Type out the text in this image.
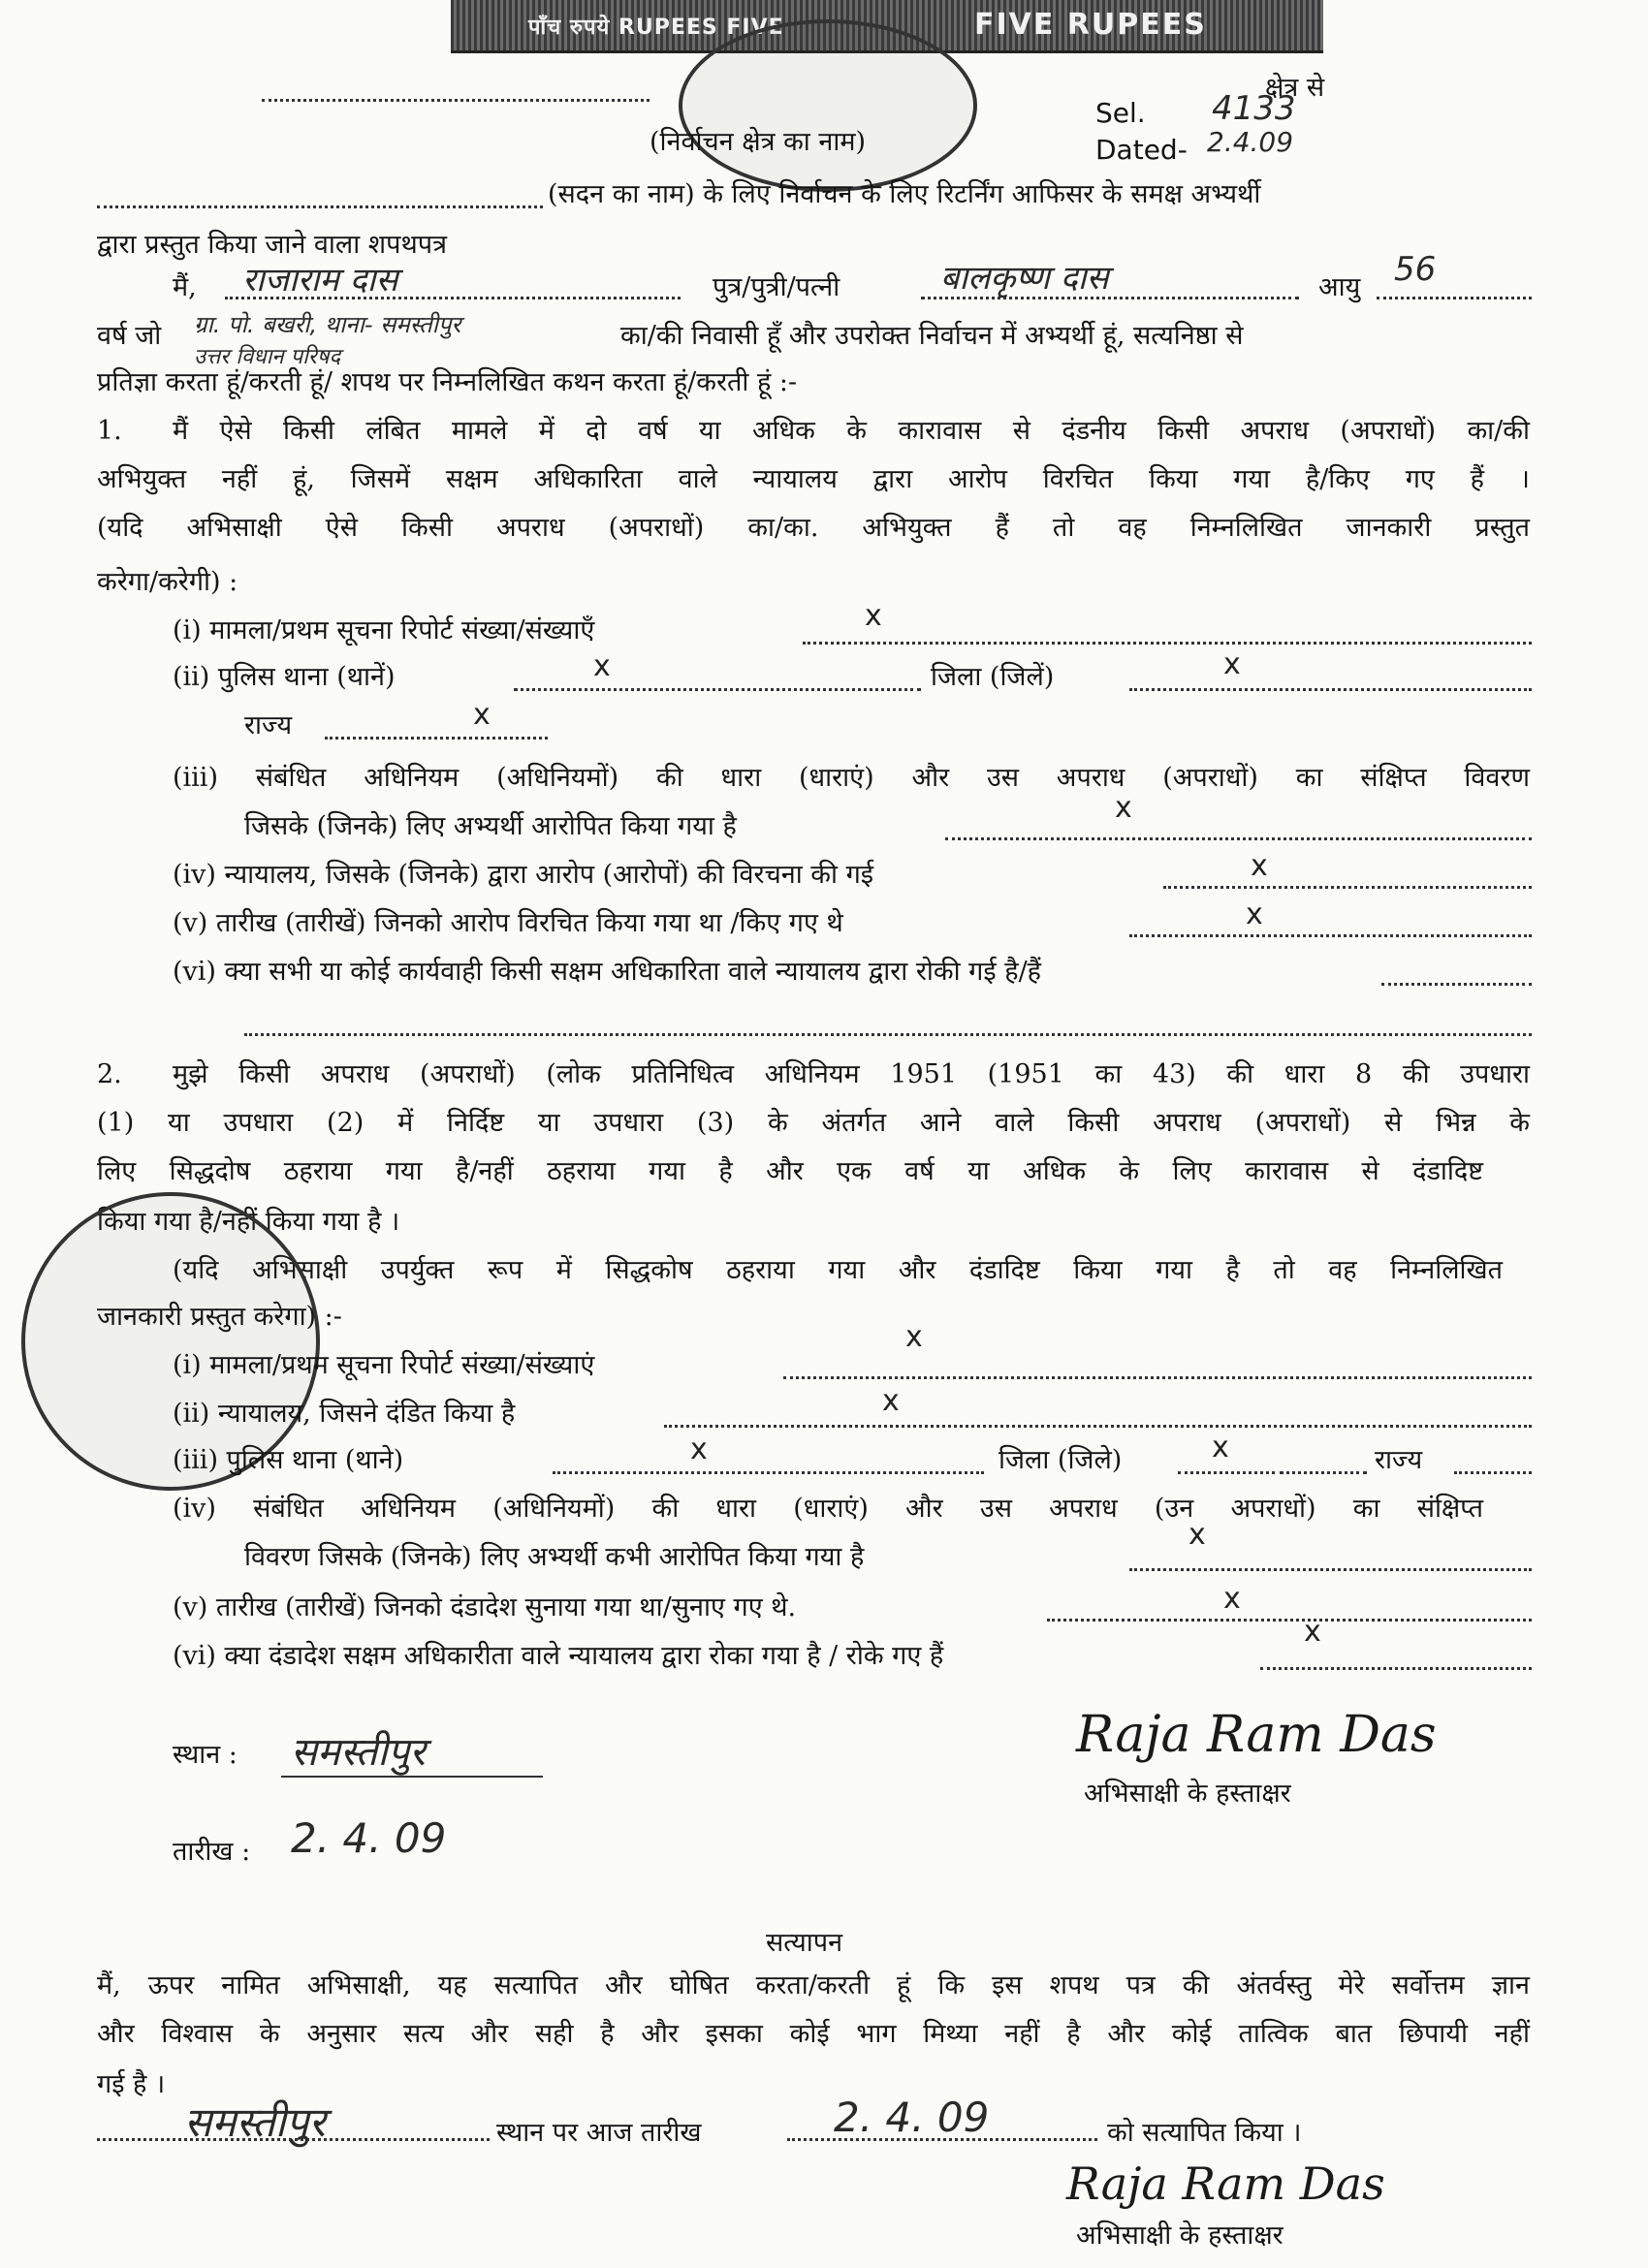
पाँच रुपये RUPEES FIVE	FIVE RUPEES
क्षेत्र से
Sel. 4133
Dated- 2.4.09
(निर्वाचन क्षेत्र का नाम)
(सदन का नाम) के लिए निर्वाचन के लिए रिटर्निंग आफिसर के समक्ष अभ्यर्थी
द्वारा प्रस्तुत किया जाने वाला शपथपत्र
मैं, राजाराम दास	पुत्र/पुत्री/पत्नी	बालकृष्ण दास	आयु 56
वर्ष जो ग्रा. पो. बखरी, थाना- समस्तीपुर	का/की निवासी हूँ और उपरोक्त निर्वाचन में अभ्यर्थी हूं, सत्यनिष्ठा से
उत्तर विधान परिषद
प्रतिज्ञा करता हूं/करती हूं/ शपथ पर निम्नलिखित कथन करता हूं/करती हूं :-
1. मैं ऐसे किसी लंबित मामले में दो वर्ष या अधिक के कारावास से दंडनीय किसी अपराध (अपराधों) का/की
अभियुक्त नहीं हूं, जिसमें सक्षम अधिकारिता वाले न्यायालय द्वारा आरोप विरचित किया गया है/किए गए हैं ।
(यदि अभिसाक्षी ऐसे किसी अपराध (अपराधों) का/का. अभियुक्त हैं तो वह निम्नलिखित जानकारी प्रस्तुत
करेगा/करेगी) :
(i) मामला/प्रथम सूचना रिपोर्ट संख्या/संख्याएँ	x
(ii) पुलिस थाना (थानें)	x	जिला (जिलें)	x
राज्य	x
(iii) संबंधित अधिनियम (अधिनियमों) की धारा (धाराएं) और उस अपराध (अपराधों) का संक्षिप्त विवरण
जिसके (जिनके) लिए अभ्यर्थी आरोपित किया गया है
x
(iv) न्यायालय, जिसके (जिनके) द्वारा आरोप (आरोपों) की विरचना की गई	x
(v) तारीख (तारीखें) जिनको आरोप विरचित किया गया था /किए गए थे	x
(vi) क्या सभी या कोई कार्यवाही किसी सक्षम अधिकारिता वाले न्यायालय द्वारा रोकी गई है/हैं
2. मुझे किसी अपराध (अपराधों) (लोक प्रतिनिधित्व अधिनियम 1951 (1951 का 43) की धारा 8 की उपधारा
(1) या उपधारा (2) में निर्दिष्ट या उपधारा (3) के अंतर्गत आने वाले किसी अपराध (अपराधों) से भिन्न के
लिए सिद्धदोष ठहराया गया है/नहीं ठहराया गया है और एक वर्ष या अधिक के लिए कारावास से दंडादिष्ट
किया गया है/नहीं किया गया है ।
(यदि अभिसाक्षी उपर्युक्त रूप में सिद्धकोष ठहराया गया और दंडादिष्ट किया गया है तो वह निम्नलिखित
जानकारी प्रस्तुत करेगा) :-
(i) मामला/प्रथम सूचना रिपोर्ट संख्या/संख्याएं
x
(ii) न्यायालय, जिसने दंडित किया है	x
(iii) पुलिस थाना (थाने)	x	जिला (जिले)	x	राज्य
(iv) संबंधित अधिनियम (अधिनियमों) की धारा (धाराएं) और उस अपराध (उन अपराधों) का संक्षिप्त
विवरण जिसके (जिनके) लिए अभ्यर्थी कभी आरोपित किया गया है
x
(v) तारीख (तारीखें) जिनको दंडादेश सुनाया गया था/सुनाए गए थे.	x
(vi) क्या दंडादेश सक्षम अधिकारीता वाले न्यायालय द्वारा रोका गया है / रोके गए हैं
x
स्थान : समस्तीपुर	Raja Ram Das
अभिसाक्षी के हस्ताक्षर
तारीख : 2. 4. 09
सत्यापन
मैं, ऊपर नामित अभिसाक्षी, यह सत्यापित और घोषित करता/करती हूं कि इस शपथ पत्र की अंतर्वस्तु मेरे सर्वोत्तम ज्ञान
और विश्वास के अनुसार सत्य और सही है और इसका कोई भाग मिथ्या नहीं है और कोई तात्विक बात छिपायी नहीं
गई है ।
समस्तीपुर	स्थान पर आज तारीख	2. 4. 09	को सत्यापित किया ।
Raja Ram Das
अभिसाक्षी के हस्ताक्षर
